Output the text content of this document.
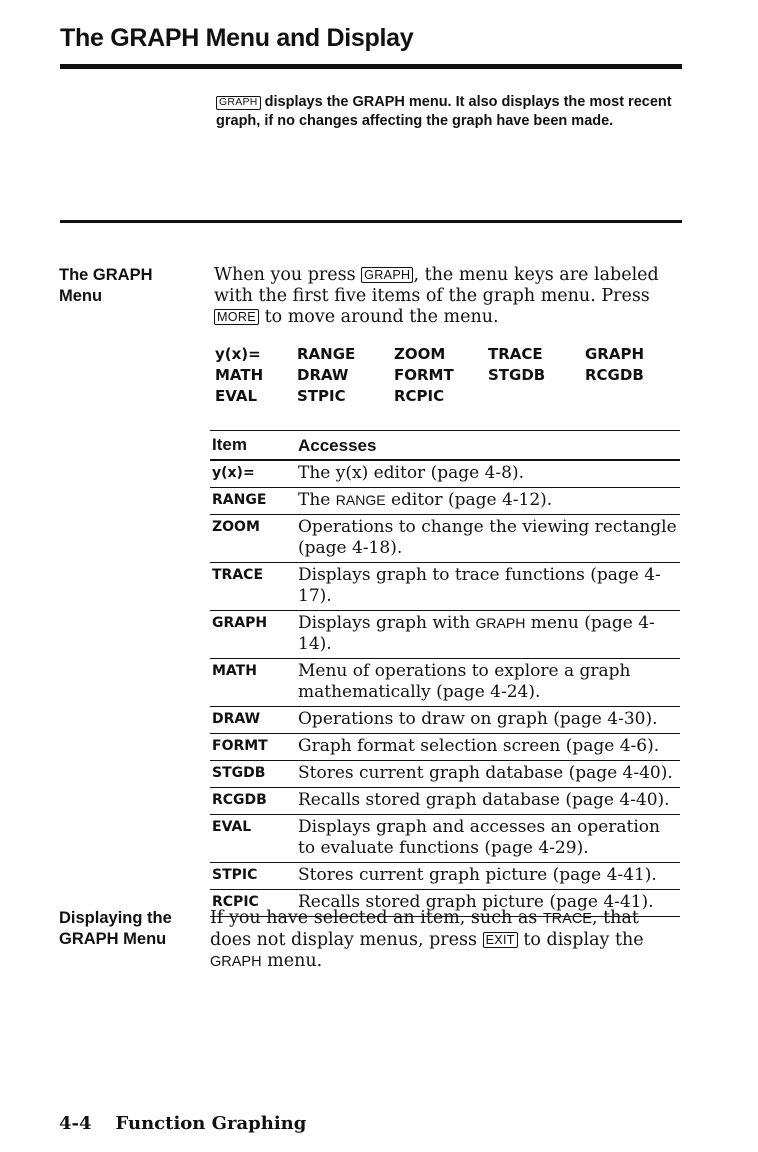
The GRAPH Menu and Display
GRAPH displays the GRAPH menu. It also displays the most recent graph, if no changes affecting the graph have been made.
The GRAPH
Menu
When you press GRAPH , the menu keys are labeled with the first five items of the graph menu. Press MORE to move around the menu.
y(x)= RANGE	ZOOM	TRACE	GRAPH
MATH DRAW	FORMT STGDB	RCGDB
EVAL	STPIC	RCPIC
Item	Accesses
y(x)=	The y(x) editor (page 4-8).
RANGE	The RANGE editor (page 4-12).
ZOOM	Operations to change the viewing rectangle (page 4-18).
TRACE	Displays graph to trace functions (page 4-17).
GRAPH	Displays graph with GRAPH menu (page 4-14).
MATH	Menu of operations to explore a graph mathematically (page 4-24).
DRAW	Operations to draw on graph (page 4-30).
FORMT	Graph format selection screen (page 4-6).
STGDB	Stores current graph database (page 4-40).
RCGDB	Recalls stored graph database (page 4-40).
EVAL	Displays graph and accesses an operation to evaluate functions (page 4-29).
STPIC	Stores current graph picture (page 4-41).
RCPIC	Recalls stored graph picture (page 4-41).
Displaying the
GRAPH Menu
If you have selected an item, such as TRACE, that does not display menus, press EXIT to display the GRAPH menu.
4-4 Function Graphing
